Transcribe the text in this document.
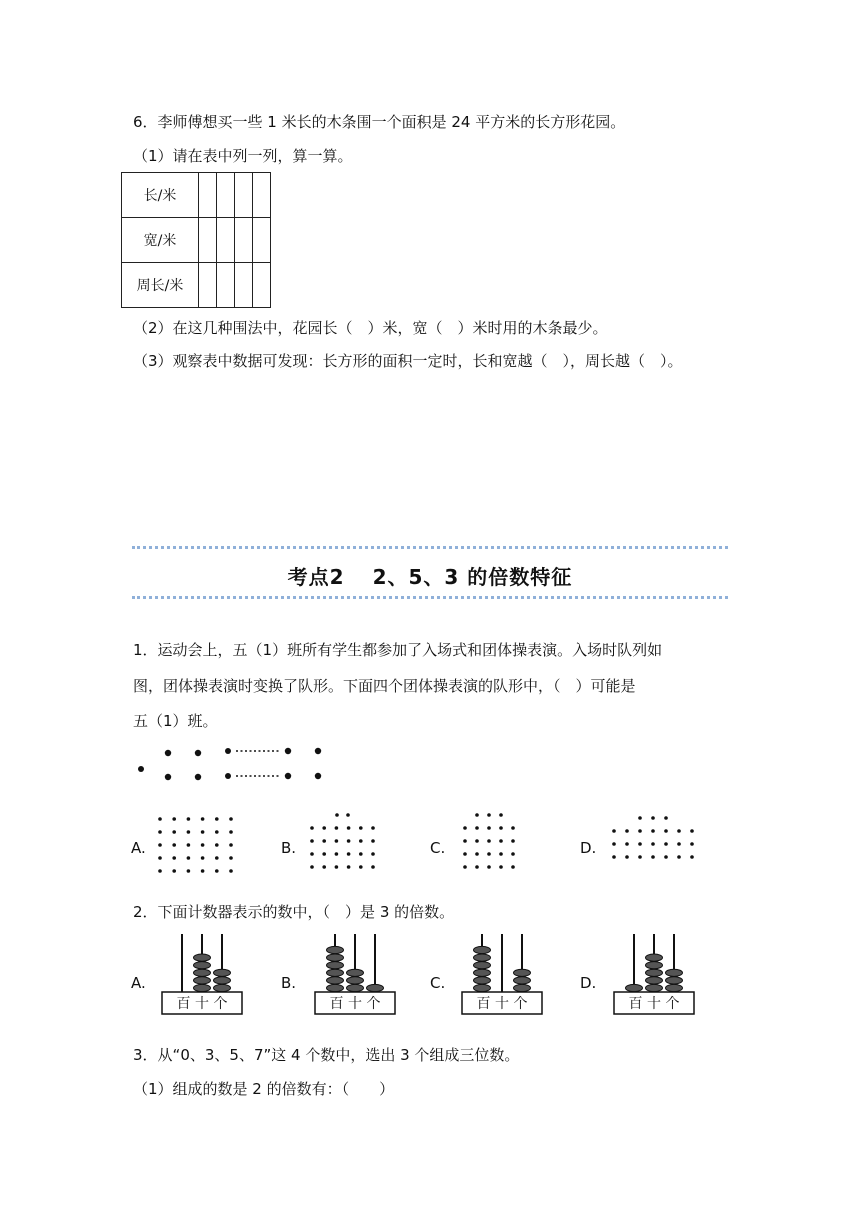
6．李师傅想买一些 1 米长的木条围一个面积是 24 平方米的长方形花园。
（1）请在表中列一列，算一算。
长/米				
宽/米				
周长/米				
（2）在这几种围法中，花园长（　）米，宽（　）米时用的木条最少。
（3）观察表中数据可发现：长方形的面积一定时，长和宽越（　），周长越（　）。
考点2 2、5、3 的倍数特征
1．运动会上，五（1）班所有学生都参加了入场式和团体操表演。入场时队列如
图，团体操表演时变换了队形。下面四个团体操表演的队形中，（　）可能是
五（1）班。
A.	B.	C.	D.
2．下面计数器表示的数中，（　）是 3 的倍数。
A.	B.	C.	D.
百 十 个	百 十 个	百 十 个	百 十 个
3．从“0、3、5、7”这 4 个数中，选出 3 个组成三位数。
（1）组成的数是 2 的倍数有：（　　）
